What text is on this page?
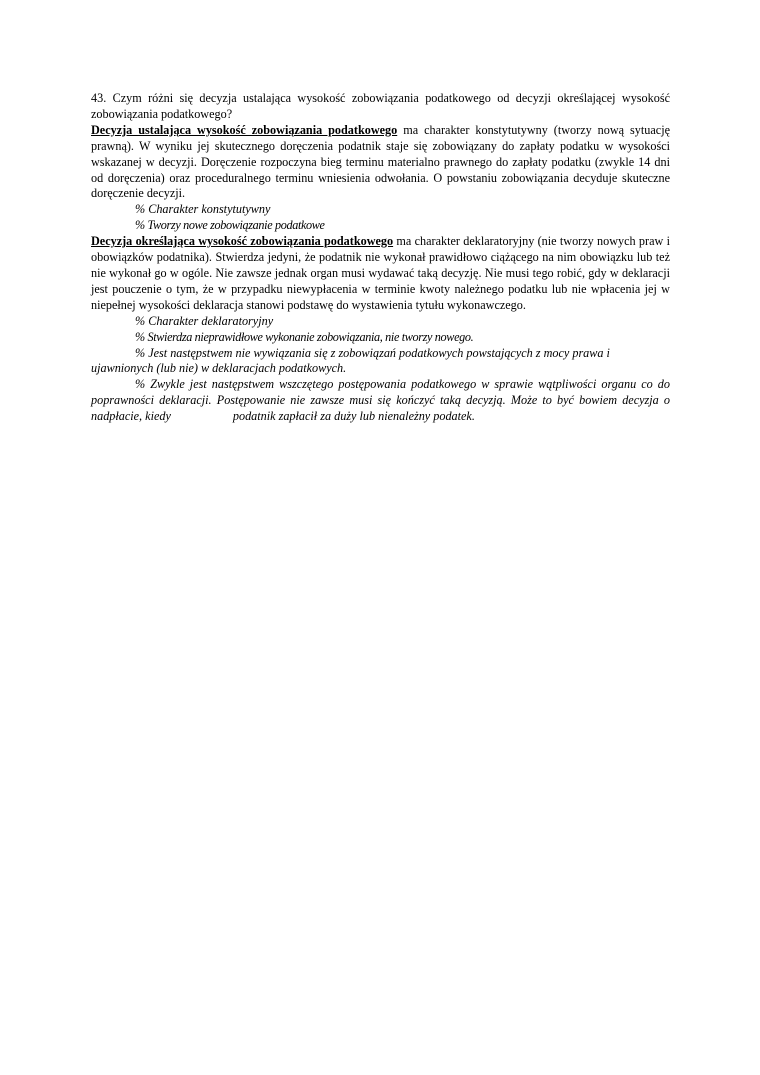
43. Czym różni się decyzja ustalająca wysokość zobowiązania podatkowego od decyzji określającej wysokość zobowiązania podatkowego?

Decyzja ustalająca wysokość zobowiązania podatkowego ma charakter konstytutywny (tworzy nową sytuację prawną). W wyniku jej skutecznego doręczenia podatnik staje się zobowiązany do zapłaty podatku w wysokości wskazanej w decyzji. Doręczenie rozpoczyna bieg terminu materialno prawnego do zapłaty podatku (zwykle 14 dni od doręczenia) oraz proceduralnego terminu wniesienia odwołania. O powstaniu zobowiązania decyduje skuteczne doręczenie decyzji.

% Charakter konstytutywny

% Tworzy nowe zobowiązanie podatkowe

Decyzja określająca wysokość zobowiązania podatkowego ma charakter deklaratoryjny (nie tworzy nowych praw i obowiązków podatnika). Stwierdza jedyni, że podatnik nie wykonał prawidłowo ciążącego na nim obowiązku lub też nie wykonał go w ogóle. Nie zawsze jednak organ musi wydawać taką decyzję. Nie musi tego robić, gdy w deklaracji jest pouczenie o tym, że w przypadku niewypłacenia w terminie kwoty należnego podatku lub nie wpłacenia jej w niepełnej wysokości deklaracja stanowi podstawę do wystawienia tytułu wykonawczego.

% Charakter deklaratoryjny

% Stwierdza nieprawidłowe wykonanie zobowiązania, nie tworzy nowego.

% Jest następstwem nie wywiązania się z zobowiązań podatkowych powstających z mocy prawa i

ujawnionych (lub nie) w deklaracjach podatkowych.

% Zwykle jest następstwem wszczętego postępowania podatkowego w sprawie wątpliwości organu co do poprawności deklaracji. Postępowanie nie zawsze musi się kończyć taką decyzją. Może to być bowiem decyzja o nadpłacie, kiedy	podatnik zapłacił za duży lub nienależny podatek.
